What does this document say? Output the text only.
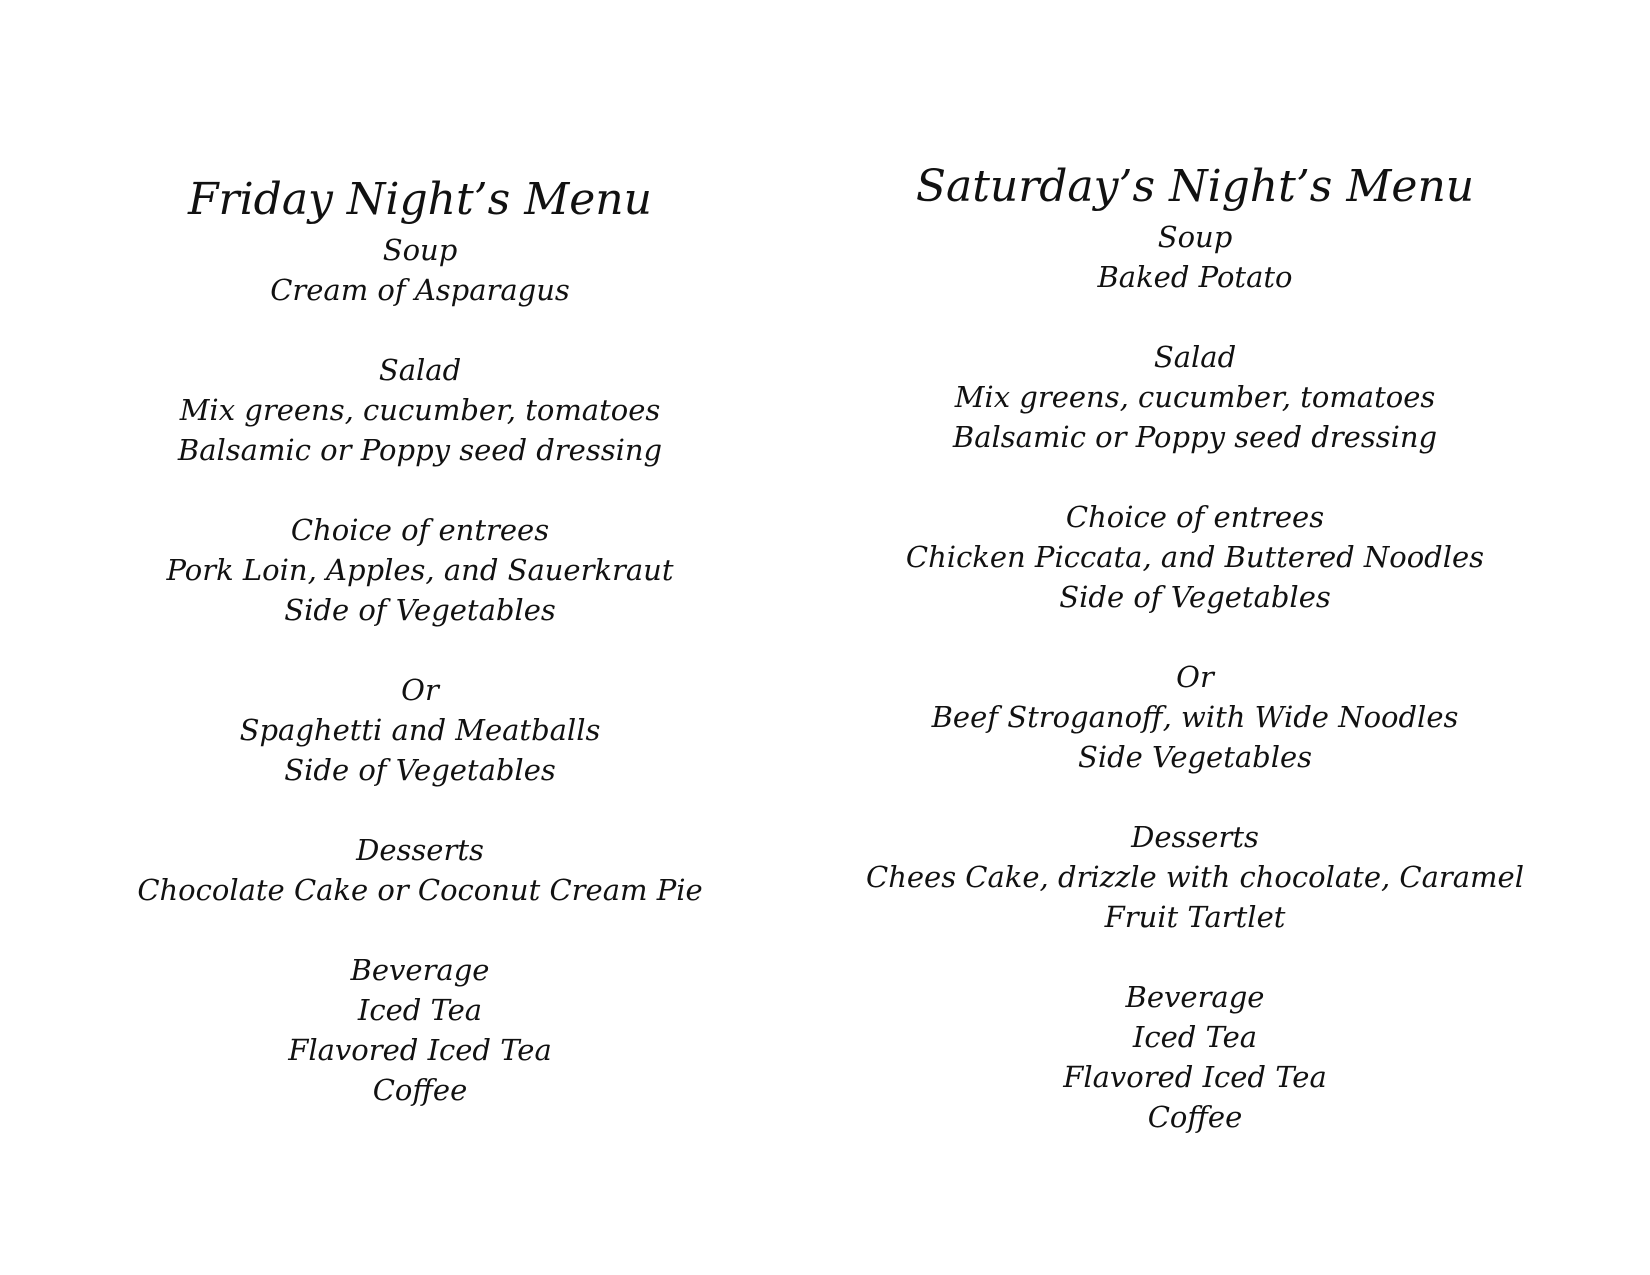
Friday Night’s Menu
Soup
Cream of Asparagus
Salad
Mix greens, cucumber, tomatoes
Balsamic or Poppy seed dressing
Choice of entrees
Pork Loin, Apples, and Sauerkraut
Side of Vegetables
Or
Spaghetti and Meatballs
Side of Vegetables
Desserts
Chocolate Cake or Coconut Cream Pie
Beverage
Iced Tea
Flavored Iced Tea
Coffee
Saturday’s Night’s Menu
Soup
Baked Potato
Salad
Mix greens, cucumber, tomatoes
Balsamic or Poppy seed dressing
Choice of entrees
Chicken Piccata, and Buttered Noodles
Side of Vegetables
Or
Beef Stroganoff, with Wide Noodles
Side Vegetables
Desserts
Chees Cake, drizzle with chocolate, Caramel
Fruit Tartlet
Beverage
Iced Tea
Flavored Iced Tea
Coffee
